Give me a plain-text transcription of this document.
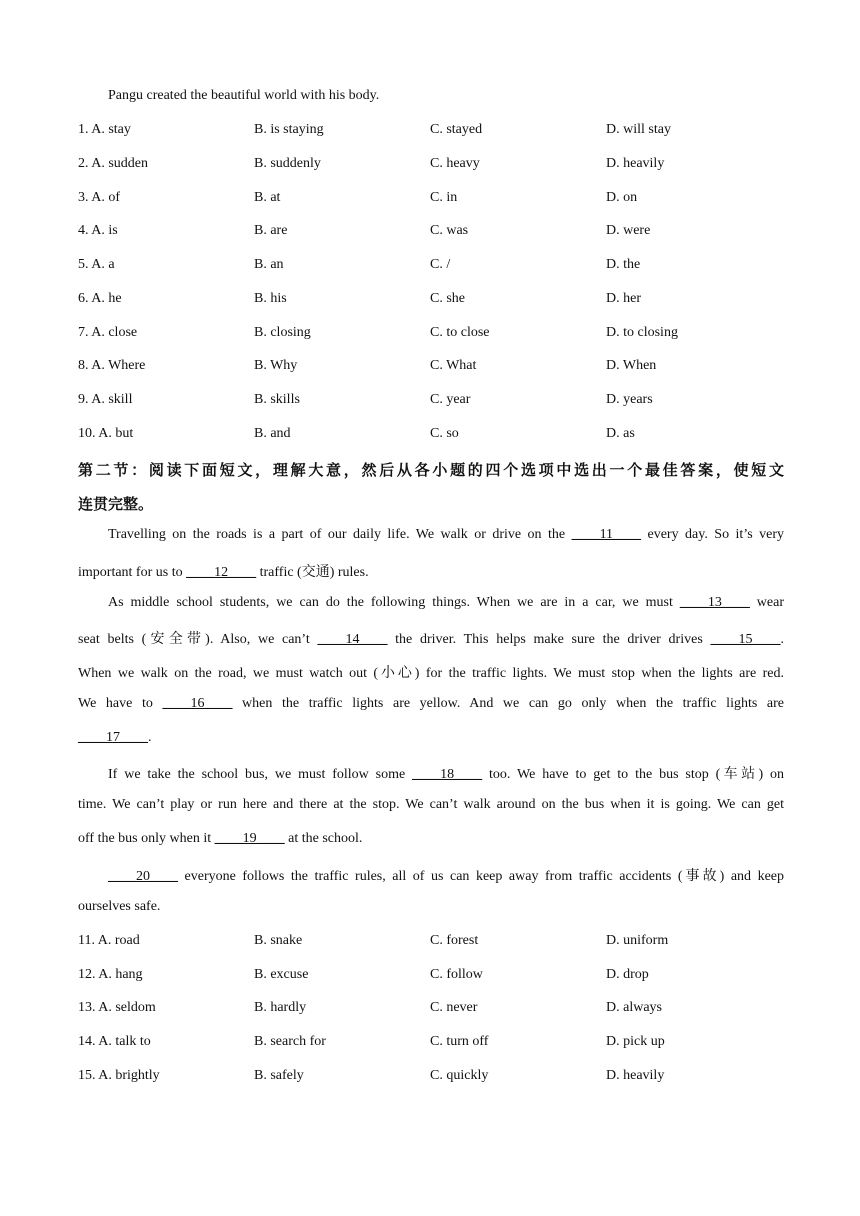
Pangu created the beautiful world with his body.
1. A. stay	B. is staying	C. stayed	D. will stay
2. A. sudden	B. suddenly	C. heavy	D. heavily
3. A. of	B. at	C. in	D. on
4. A. is	B. are	C. was	D. were
5. A. a	B. an	C. /	D. the
6. A. he	B. his	C. she	D. her
7. A. close	B. closing	C. to close	D. to closing
8. A. Where	B. Why	C. What	D. When
9. A. skill	B. skills	C. year	D. years
10. A. but	B. and	C. so	D. as
第二节：阅读下面短文，理解大意，然后从各小题的四个选项中选出一个最佳答案，使短文
连贯完整。
Travelling on the roads is a part of our daily life. We walk or drive on the ____11____ every day. So it’s very
important for us to ____12____ traffic (交通) rules.
As middle school students, we can do the following things. When we are in a car, we must ____13____ wear
seat belts (安全带). Also, we can’t ____14____ the driver. This helps make sure the driver drives ____15____.
When we walk on the road, we must watch out (小心) for the traffic lights. We must stop when the lights are red.
We have to ____16____ when the traffic lights are yellow. And we can go only when the traffic lights are
____17____.
If we take the school bus, we must follow some ____18____ too. We have to get to the bus stop (车站) on
time. We can’t play or run here and there at the stop. We can’t walk around on the bus when it is going. We can get
off the bus only when it ____19____ at the school.
____20____ everyone follows the traffic rules, all of us can keep away from traffic accidents (事故) and keep
ourselves safe.
11. A. road	B. snake	C. forest	D. uniform
12. A. hang	B. excuse	C. follow	D. drop
13. A. seldom	B. hardly	C. never	D. always
14. A. talk to	B. search for	C. turn off	D. pick up
15. A. brightly	B. safely	C. quickly	D. heavily
